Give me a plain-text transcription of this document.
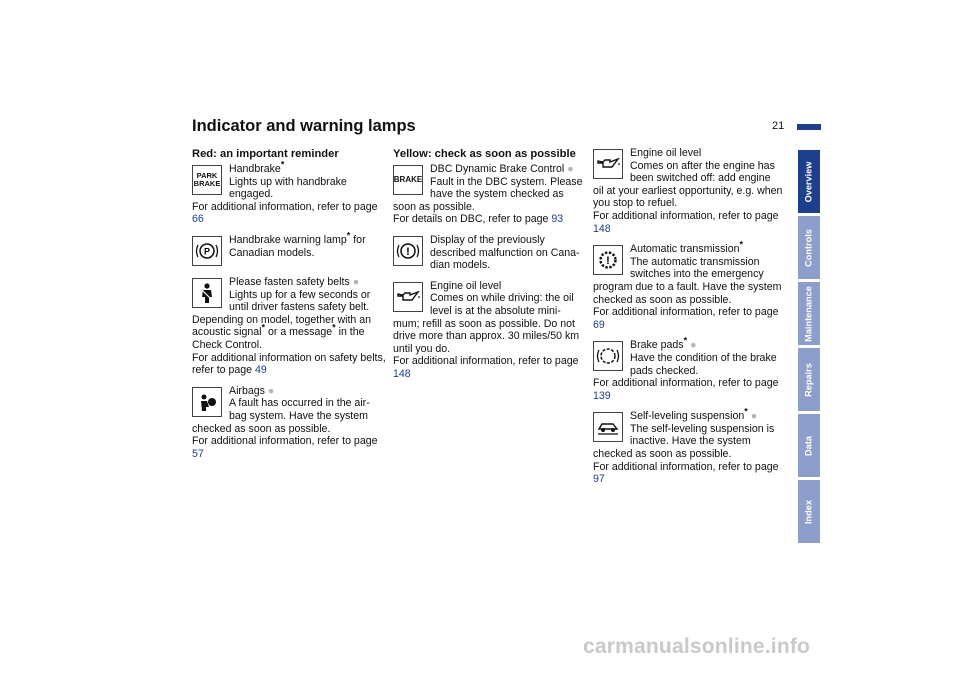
Indicator and warning lamps	21
Overview
Controls
Maintenance
Repairs
Data
Index
Red: an important reminder
PARK
BRAKE

Handbrake*

Lights up with handbrake

engaged.

For additional information, refer to page 66

P

Handbrake warning lamp* for

Canadian models.

Please fasten safety belts ●

Lights up for a few seconds or

until driver fastens safety belt.

Depending on model, together with an acoustic signal* or a message* in the Check Control.

For additional information on safety belts, refer to page 49

Airbags ●

A fault has occurred in the air-

bag system. Have the system

checked as soon as possible.

For additional information, refer to page 57

Yellow: check as soon as possible
BRAKE

DBC Dynamic Brake Control ●

Fault in the DBC system. Please

have the system checked as

soon as possible.

For details on DBC, refer to page 93

!

Display of the previously

described malfunction on Cana-

dian models.

Engine oil level

Comes on while driving: the oil

level is at the absolute mini-

mum; refill as soon as possible. Do not drive more than approx. 30 miles/50 km until you do.

For additional information, refer to page 148

Engine oil level

Comes on after the engine has

been switched off: add engine

oil at your earliest opportunity, e.g. when you stop to refuel.

For additional information, refer to page 148

!

Automatic transmission*

The automatic transmission

switches into the emergency

program due to a fault. Have the system checked as soon as possible.

For additional information, refer to page 69

Brake pads* ●

Have the condition of the brake

pads checked.

For additional information, refer to page 139

Self-leveling suspension* ●

The self-leveling suspension is

inactive. Have the system

checked as soon as possible.

For additional information, refer to page 97

carmanualsonline.info
